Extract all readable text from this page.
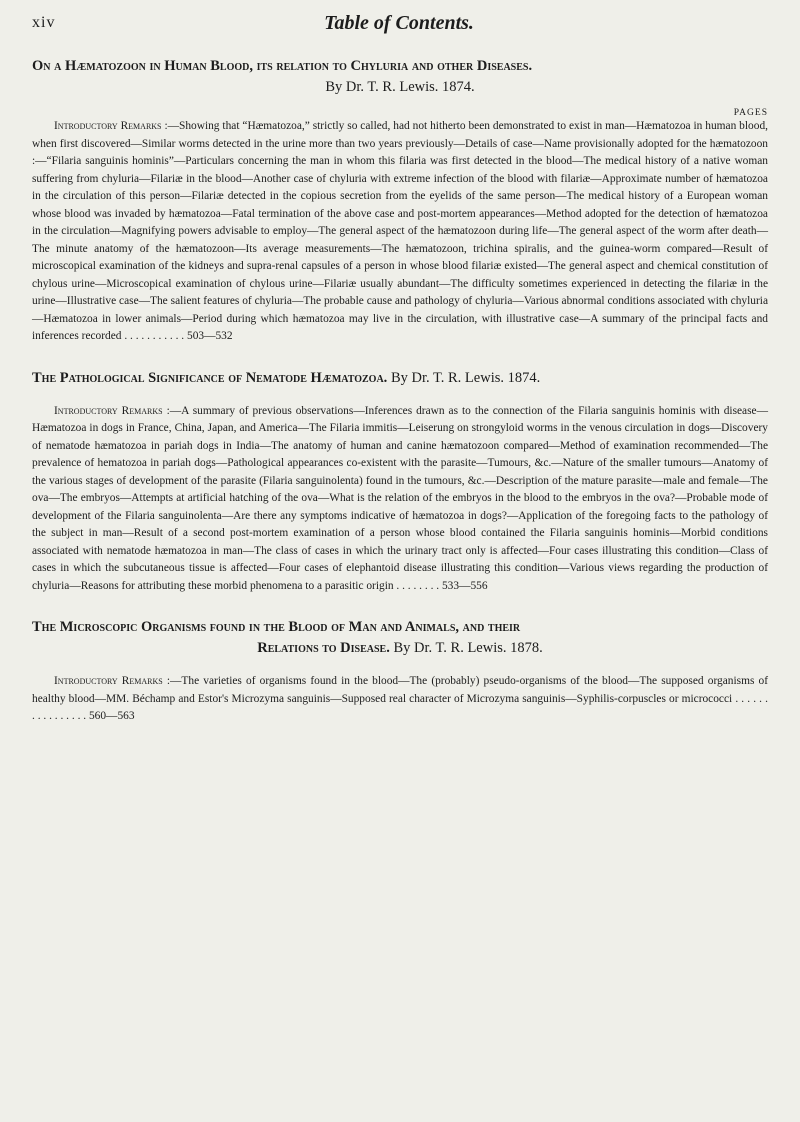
xiv	Table of Contents.
On a Hæmatozoon in Human Blood, its relation to Chyluria and other Diseases.
By Dr. T. R. Lewis. 1874.
PAGES

Introductory Remarks :—Showing that “Hæmatozoa,” strictly so called, had not hitherto been demonstrated to exist in man—Hæmatozoa in human blood, when first discovered—Similar worms detected in the urine more than two years previously—Details of case—Name provisionally adopted for the hæmatozoon :—“Filaria sanguinis hominis”—Particulars concerning the man in whom this filaria was first detected in the blood—The medical history of a native woman suffering from chyluria—Filariæ in the blood—Another case of chyluria with extreme infection of the blood with filariæ—Approximate number of hæmatozoa in the circulation of this person—Filariæ detected in the copious secretion from the eyelids of the same person—The medical history of a European woman whose blood was invaded by hæmatozoa—Fatal termination of the above case and post-mortem appearances—Method adopted for the detection of hæmatozoa in the circulation—Magnifying powers advisable to employ—The general aspect of the hæmatozoon during life—The general aspect of the worm after death—The minute anatomy of the hæmatozoon—Its average measurements—The hæmatozoon, trichina spiralis, and the guinea-worm compared—Result of microscopical examination of the kidneys and supra-renal capsules of a person in whose blood filariæ existed—The general aspect and chemical constitution of chylous urine—Microscopical examination of chylous urine—Filariæ usually abundant—The difficulty sometimes experienced in detecting the filariæ in the urine—Illustrative case—The salient features of chyluria—The probable cause and pathology of chyluria—Various abnormal conditions associated with chyluria—Hæmatozoa in lower animals—Period during which hæmatozoa may live in the circulation, with illustrative case—A summary of the principal facts and inferences recorded . . . . . . . . . . . 503—532

The Pathological Significance of Nematode Hæmatozoa. By Dr. T. R. Lewis. 1874.

Introductory Remarks :—A summary of previous observations—Inferences drawn as to the connection of the Filaria sanguinis hominis with disease—Hæmatozoa in dogs in France, China, Japan, and America—The Filaria immitis—Leiserung on strongyloid worms in the venous circulation in dogs—Discovery of nematode hæmatozoa in pariah dogs in India—The anatomy of human and canine hæmatozoon compared—Method of examination recommended—The prevalence of hematozoa in pariah dogs—Pathological appearances co-existent with the parasite—Tumours, &c.—Nature of the smaller tumours—Anatomy of the various stages of development of the parasite (Filaria sanguinolenta) found in the tumours, &c.—Description of the mature parasite—male and female—The ova—The embryos—Attempts at artificial hatching of the ova—What is the relation of the embryos in the blood to the embryos in the ova?—Probable mode of development of the Filaria sanguinolenta—Are there any symptoms indicative of hæmatozoa in dogs?—Application of the foregoing facts to the pathology of the subject in man—Result of a second post-mortem examination of a person whose blood contained the Filaria sanguinis hominis—Morbid conditions associated with nematode hæmatozoa in man—The class of cases in which the urinary tract only is affected—Four cases illustrating this condition—Class of cases in which the subcutaneous tissue is affected—Four cases of elephantoid disease illustrating this condition—Various views regarding the production of chyluria—Reasons for attributing these morbid phenomena to a parasitic origin . . . . . . . . 533—556

The Microscopic Organisms found in the Blood of Man and Animals, and their
Relations to Disease. By Dr. T. R. Lewis. 1878.

Introductory Remarks :—The varieties of organisms found in the blood—The (probably) pseudo-organisms of the blood—The supposed organisms of healthy blood—MM. Béchamp and Estor's Microzyma sanguinis—Supposed real character of Microzyma sanguinis—Syphilis-corpuscles or micrococci . . . . . . . . . . . . . . . . 560—563
